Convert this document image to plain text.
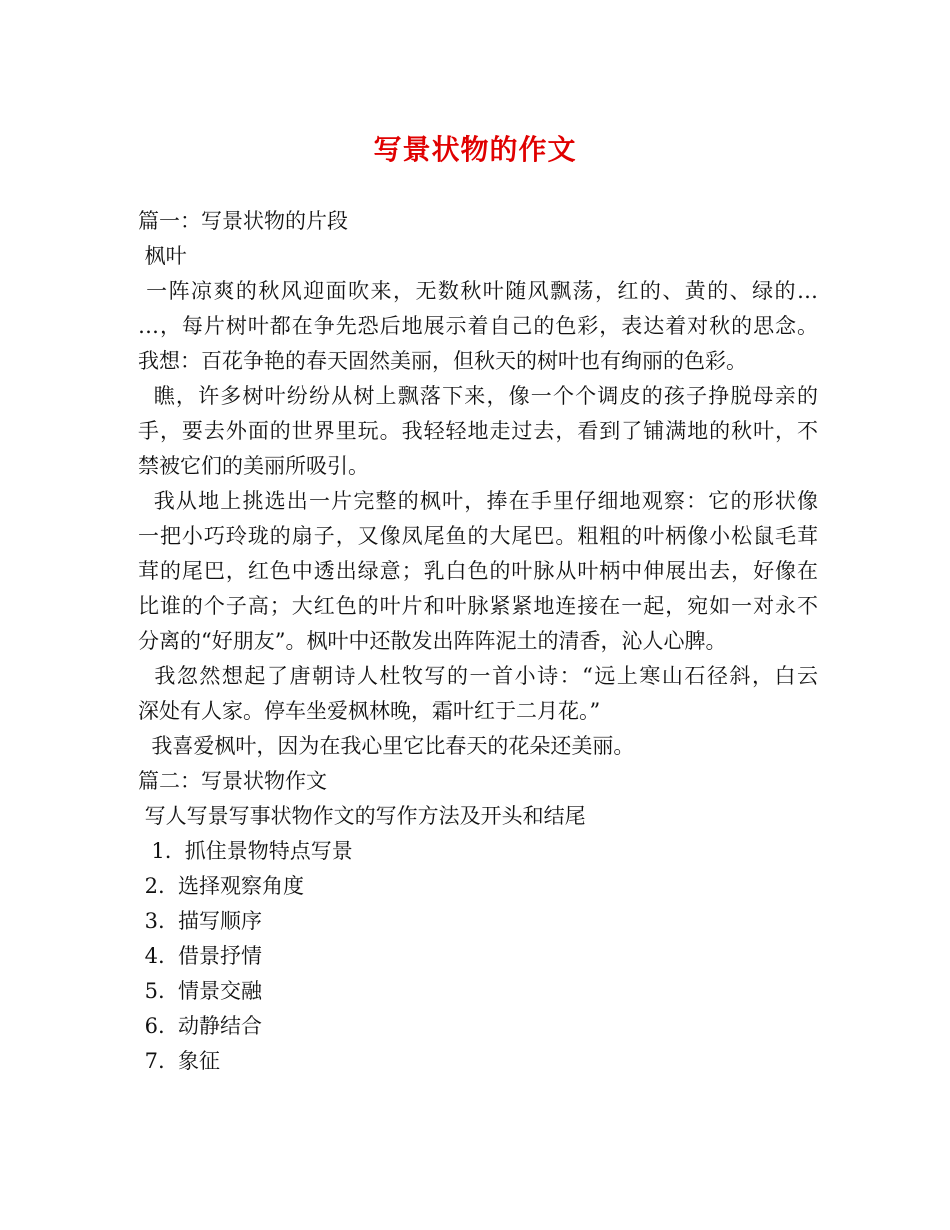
写景状物的作文
篇一：写景状物的片段
枫叶
一阵凉爽的秋风迎面吹来，无数秋叶随风飘荡，红的、黄的、绿的…
…，每片树叶都在争先恐后地展示着自己的色彩，表达着对秋的思念。
我想：百花争艳的春天固然美丽，但秋天的树叶也有绚丽的色彩。
瞧，许多树叶纷纷从树上飘落下来，像一个个调皮的孩子挣脱母亲的
手，要去外面的世界里玩。我轻轻地走过去，看到了铺满地的秋叶，不
禁被它们的美丽所吸引。
我从地上挑选出一片完整的枫叶，捧在手里仔细地观察：它的形状像
一把小巧玲珑的扇子，又像凤尾鱼的大尾巴。粗粗的叶柄像小松鼠毛茸
茸的尾巴，红色中透出绿意；乳白色的叶脉从叶柄中伸展出去，好像在
比谁的个子高；大红色的叶片和叶脉紧紧地连接在一起，宛如一对永不
分离的“好朋友”。枫叶中还散发出阵阵泥土的清香，沁人心脾。
我忽然想起了唐朝诗人杜牧写的一首小诗：“远上寒山石径斜，白云
深处有人家。停车坐爱枫林晚，霜叶红于二月花。”
我喜爱枫叶，因为在我心里它比春天的花朵还美丽。
篇二：写景状物作文
写人写景写事状物作文的写作方法及开头和结尾
1.  抓住景物特点写景
2.  选择观察角度
3.  描写顺序
4.  借景抒情
5.  情景交融
6.  动静结合
7.  象征
